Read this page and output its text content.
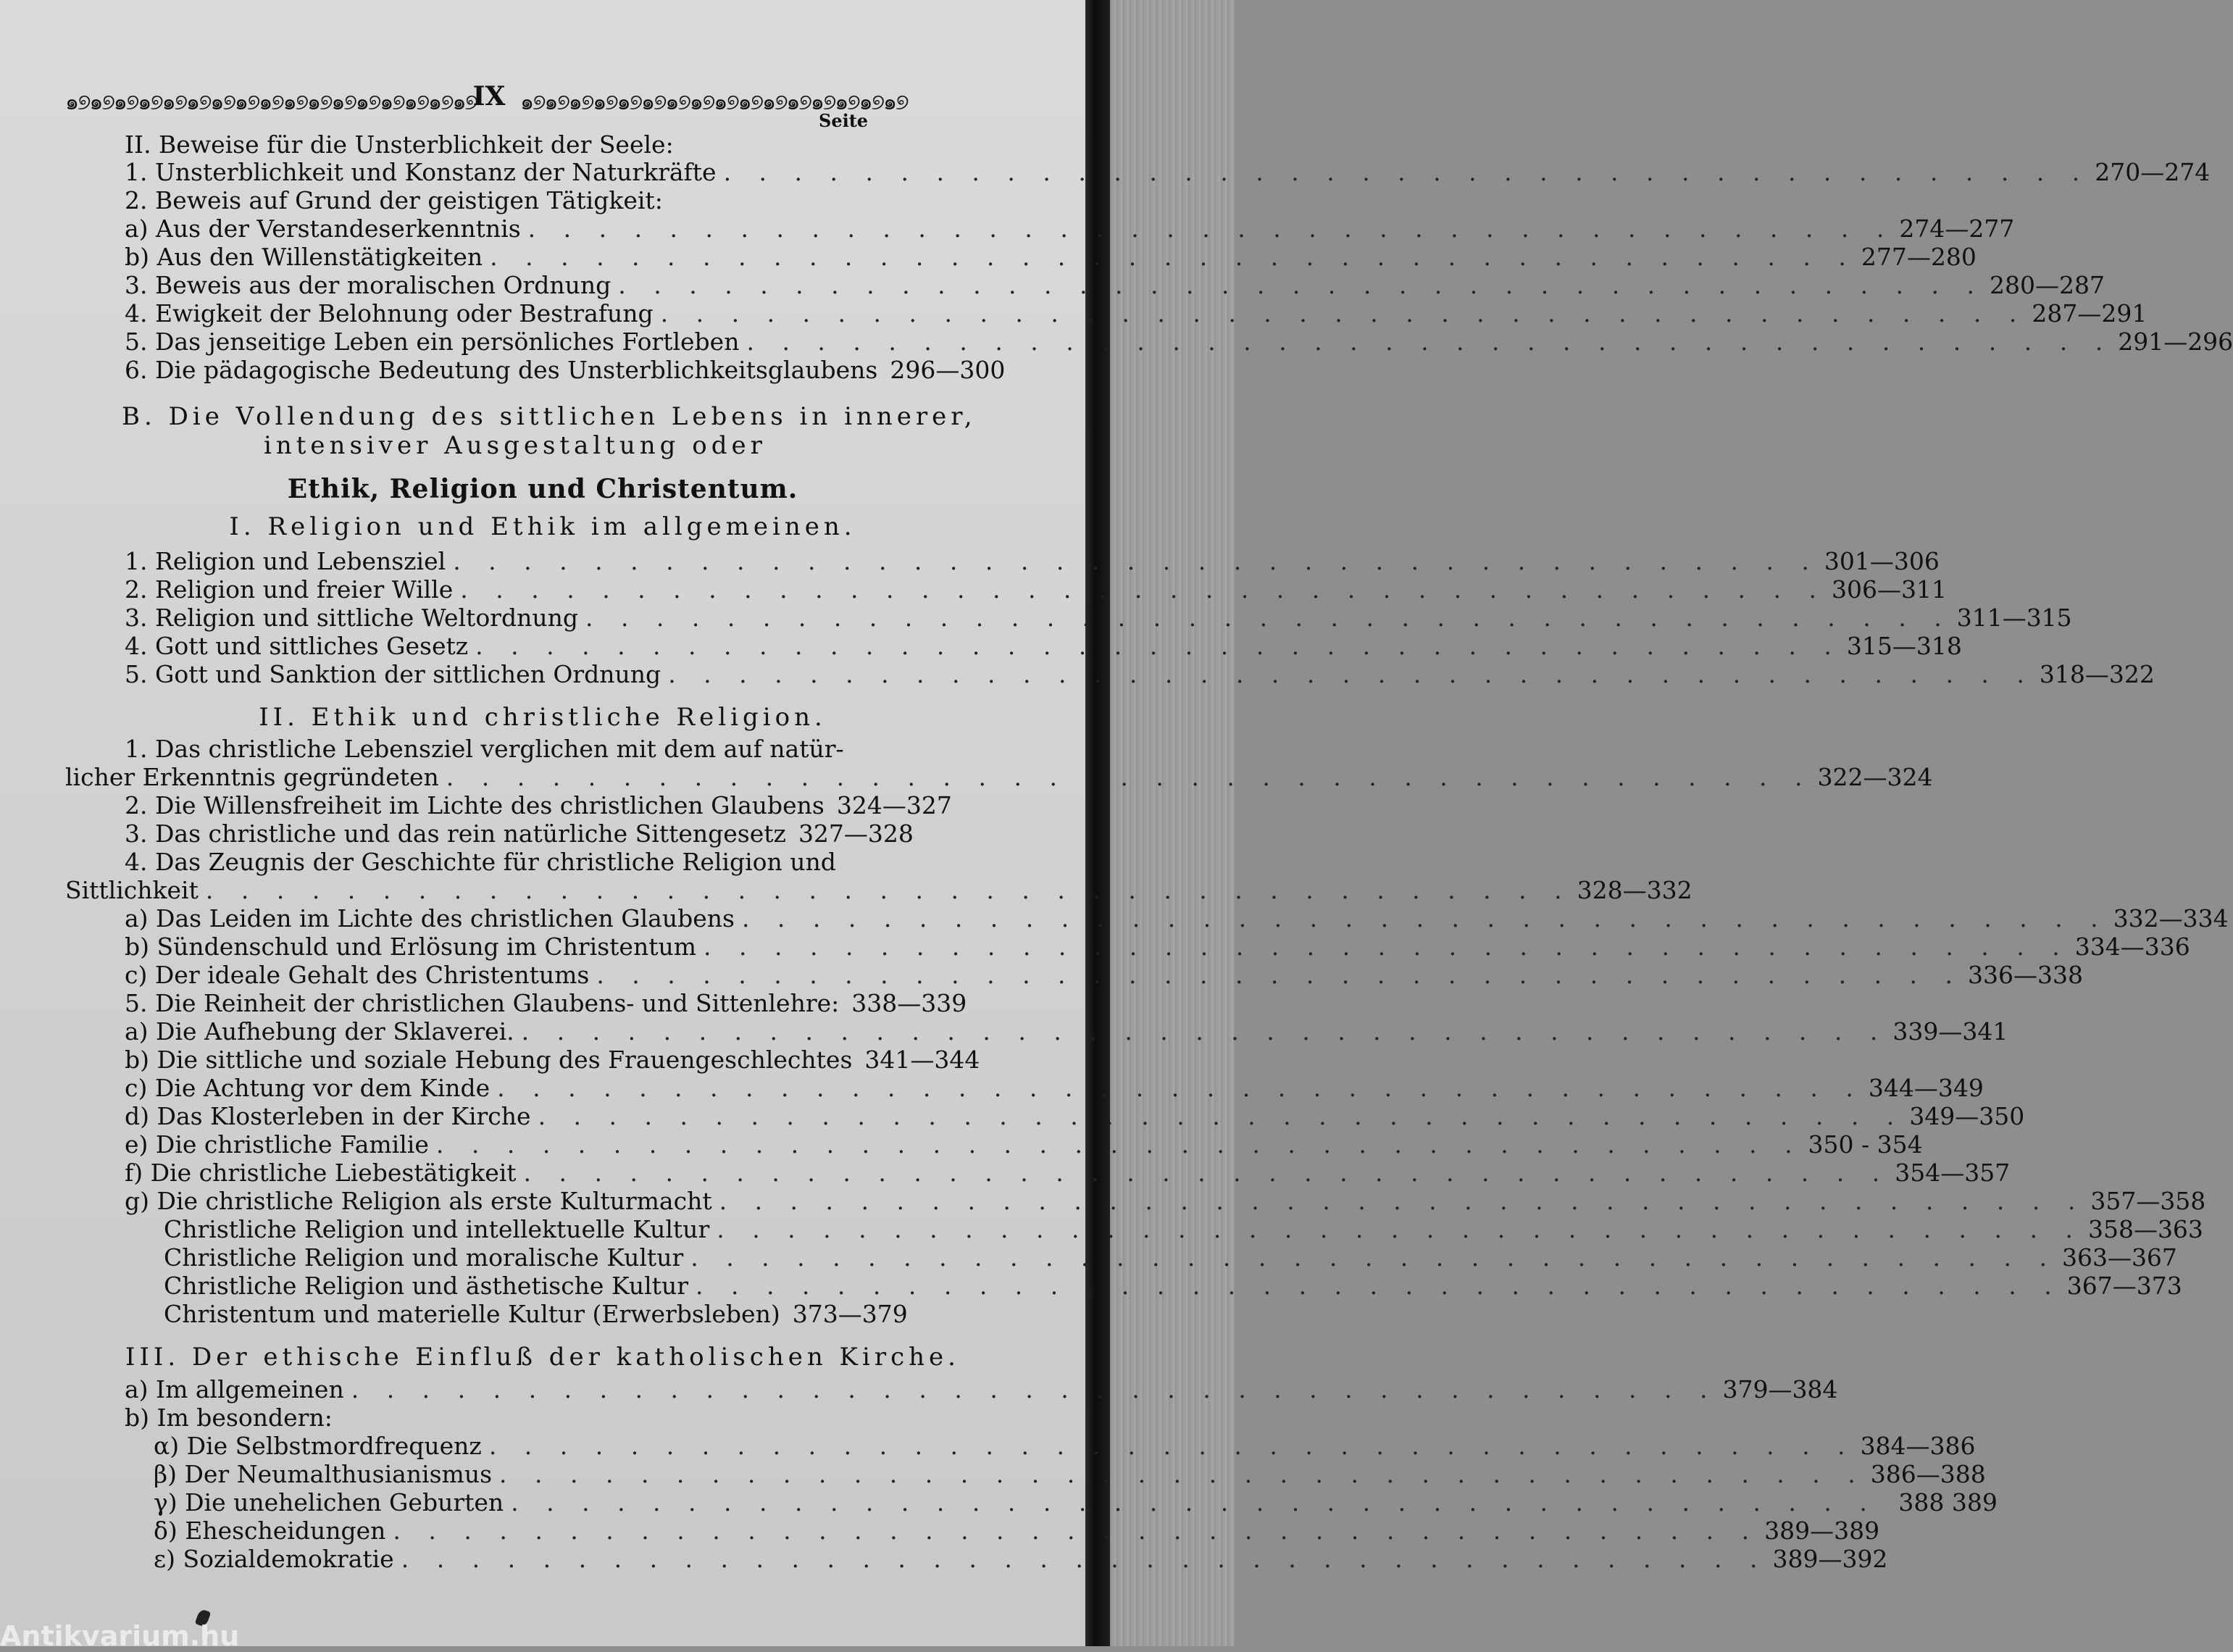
๑୭๑୭๑୭๑୭๑୭๑୭๑୭๑୭๑୭๑୭๑୭๑୭๑୭๑୭๑୭๑୭๑୭
IX ๑୭๑୭๑୭๑୭๑୭๑୭๑୭๑୭๑୭๑୭๑୭๑୭๑୭๑୭๑୭๑୭
Seite
II. Beweise für die Unsterblichkeit der Seele:
1. Unsterblichkeit und Konstanz der Naturkräfte . . . . . . . . . . . . . . . . . . . . . . . . . . . . . . . . . . . . . . . 270—274
2. Beweis auf Grund der geistigen Tätigkeit:
a) Aus der Verstandeserkenntnis . . . . . . . . . . . . . . . . . . . . . . . . . . . . . . . . . . . . . . . 274—277
b) Aus den Willenstätigkeiten . . . . . . . . . . . . . . . . . . . . . . . . . . . . . . . . . . . . . . . 277—280
3. Beweis aus der moralischen Ordnung . . . . . . . . . . . . . . . . . . . . . . . . . . . . . . . . . . . . . . . 280—287
4. Ewigkeit der Belohnung oder Bestrafung . . . . . . . . . . . . . . . . . . . . . . . . . . . . . . . . . . . . . . . 287—291
5. Das jenseitige Leben ein persönliches Fortleben . . . . . . . . . . . . . . . . . . . . . . . . . . . . . . . . . . . . . . . 291—296
6. Die pädagogische Bedeutung des Unsterblichkeitsglaubens 296—300
B. Die Vollendung des sittlichen Lebens in innerer,
intensiver Ausgestaltung oder
Ethik, Religion und Christentum.
I. Religion und Ethik im allgemeinen.
1. Religion und Lebensziel . . . . . . . . . . . . . . . . . . . . . . . . . . . . . . . . . . . . . . . 301—306
2. Religion und freier Wille . . . . . . . . . . . . . . . . . . . . . . . . . . . . . . . . . . . . . . . 306—311
3. Religion und sittliche Weltordnung . . . . . . . . . . . . . . . . . . . . . . . . . . . . . . . . . . . . . . . 311—315
4. Gott und sittliches Gesetz . . . . . . . . . . . . . . . . . . . . . . . . . . . . . . . . . . . . . . . 315—318
5. Gott und Sanktion der sittlichen Ordnung . . . . . . . . . . . . . . . . . . . . . . . . . . . . . . . . . . . . . . . 318—322
II. Ethik und christliche Religion.
1. Das christliche Lebensziel verglichen mit dem auf natür-
licher Erkenntnis gegründeten . . . . . . . . . . . . . . . . . . . . . . . . . . . . . . . . . . . . . . . 322—324
2. Die Willensfreiheit im Lichte des christlichen Glaubens 324—327
3. Das christliche und das rein natürliche Sittengesetz 327—328
4. Das Zeugnis der Geschichte für christliche Religion und
Sittlichkeit . . . . . . . . . . . . . . . . . . . . . . . . . . . . . . . . . . . . . . . 328—332
a) Das Leiden im Lichte des christlichen Glaubens . . . . . . . . . . . . . . . . . . . . . . . . . . . . . . . . . . . . . . . 332—334
b) Sündenschuld und Erlösung im Christentum . . . . . . . . . . . . . . . . . . . . . . . . . . . . . . . . . . . . . . . 334—336
c) Der ideale Gehalt des Christentums . . . . . . . . . . . . . . . . . . . . . . . . . . . . . . . . . . . . . . . 336—338
5. Die Reinheit der christlichen Glaubens- und Sittenlehre: 338—339
a) Die Aufhebung der Sklaverei. . . . . . . . . . . . . . . . . . . . . . . . . . . . . . . . . . . . . . . . 339—341
b) Die sittliche und soziale Hebung des Frauengeschlechtes 341—344
c) Die Achtung vor dem Kinde . . . . . . . . . . . . . . . . . . . . . . . . . . . . . . . . . . . . . . . 344—349
d) Das Klosterleben in der Kirche . . . . . . . . . . . . . . . . . . . . . . . . . . . . . . . . . . . . . . . 349—350
e) Die christliche Familie . . . . . . . . . . . . . . . . . . . . . . . . . . . . . . . . . . . . . . . 350 - 354
f) Die christliche Liebestätigkeit . . . . . . . . . . . . . . . . . . . . . . . . . . . . . . . . . . . . . . . 354—357
g) Die christliche Religion als erste Kulturmacht . . . . . . . . . . . . . . . . . . . . . . . . . . . . . . . . . . . . . . . 357—358
Christliche Religion und intellektuelle Kultur . . . . . . . . . . . . . . . . . . . . . . . . . . . . . . . . . . . . . . . 358—363
Christliche Religion und moralische Kultur . . . . . . . . . . . . . . . . . . . . . . . . . . . . . . . . . . . . . . . 363—367
Christliche Religion und ästhetische Kultur . . . . . . . . . . . . . . . . . . . . . . . . . . . . . . . . . . . . . . . 367—373
Christentum und materielle Kultur (Erwerbsleben) 373—379
III. Der ethische Einfluß der katholischen Kirche.
a) Im allgemeinen . . . . . . . . . . . . . . . . . . . . . . . . . . . . . . . . . . . . . . . 379—384
b) Im besondern:
α) Die Selbstmordfrequenz . . . . . . . . . . . . . . . . . . . . . . . . . . . . . . . . . . . . . . . 384—386
β) Der Neumalthusianismus . . . . . . . . . . . . . . . . . . . . . . . . . . . . . . . . . . . . . . . 386—388
γ) Die unehelichen Geburten . . . . . . . . . . . . . . . . . . . . . . . . . . . . . . . . . . . . . . . 388 389
δ) Ehescheidungen . . . . . . . . . . . . . . . . . . . . . . . . . . . . . . . . . . . . . . . 389—389
ε) Sozialdemokratie . . . . . . . . . . . . . . . . . . . . . . . . . . . . . . . . . . . . . . . 389—392
Antikvarium.hu
